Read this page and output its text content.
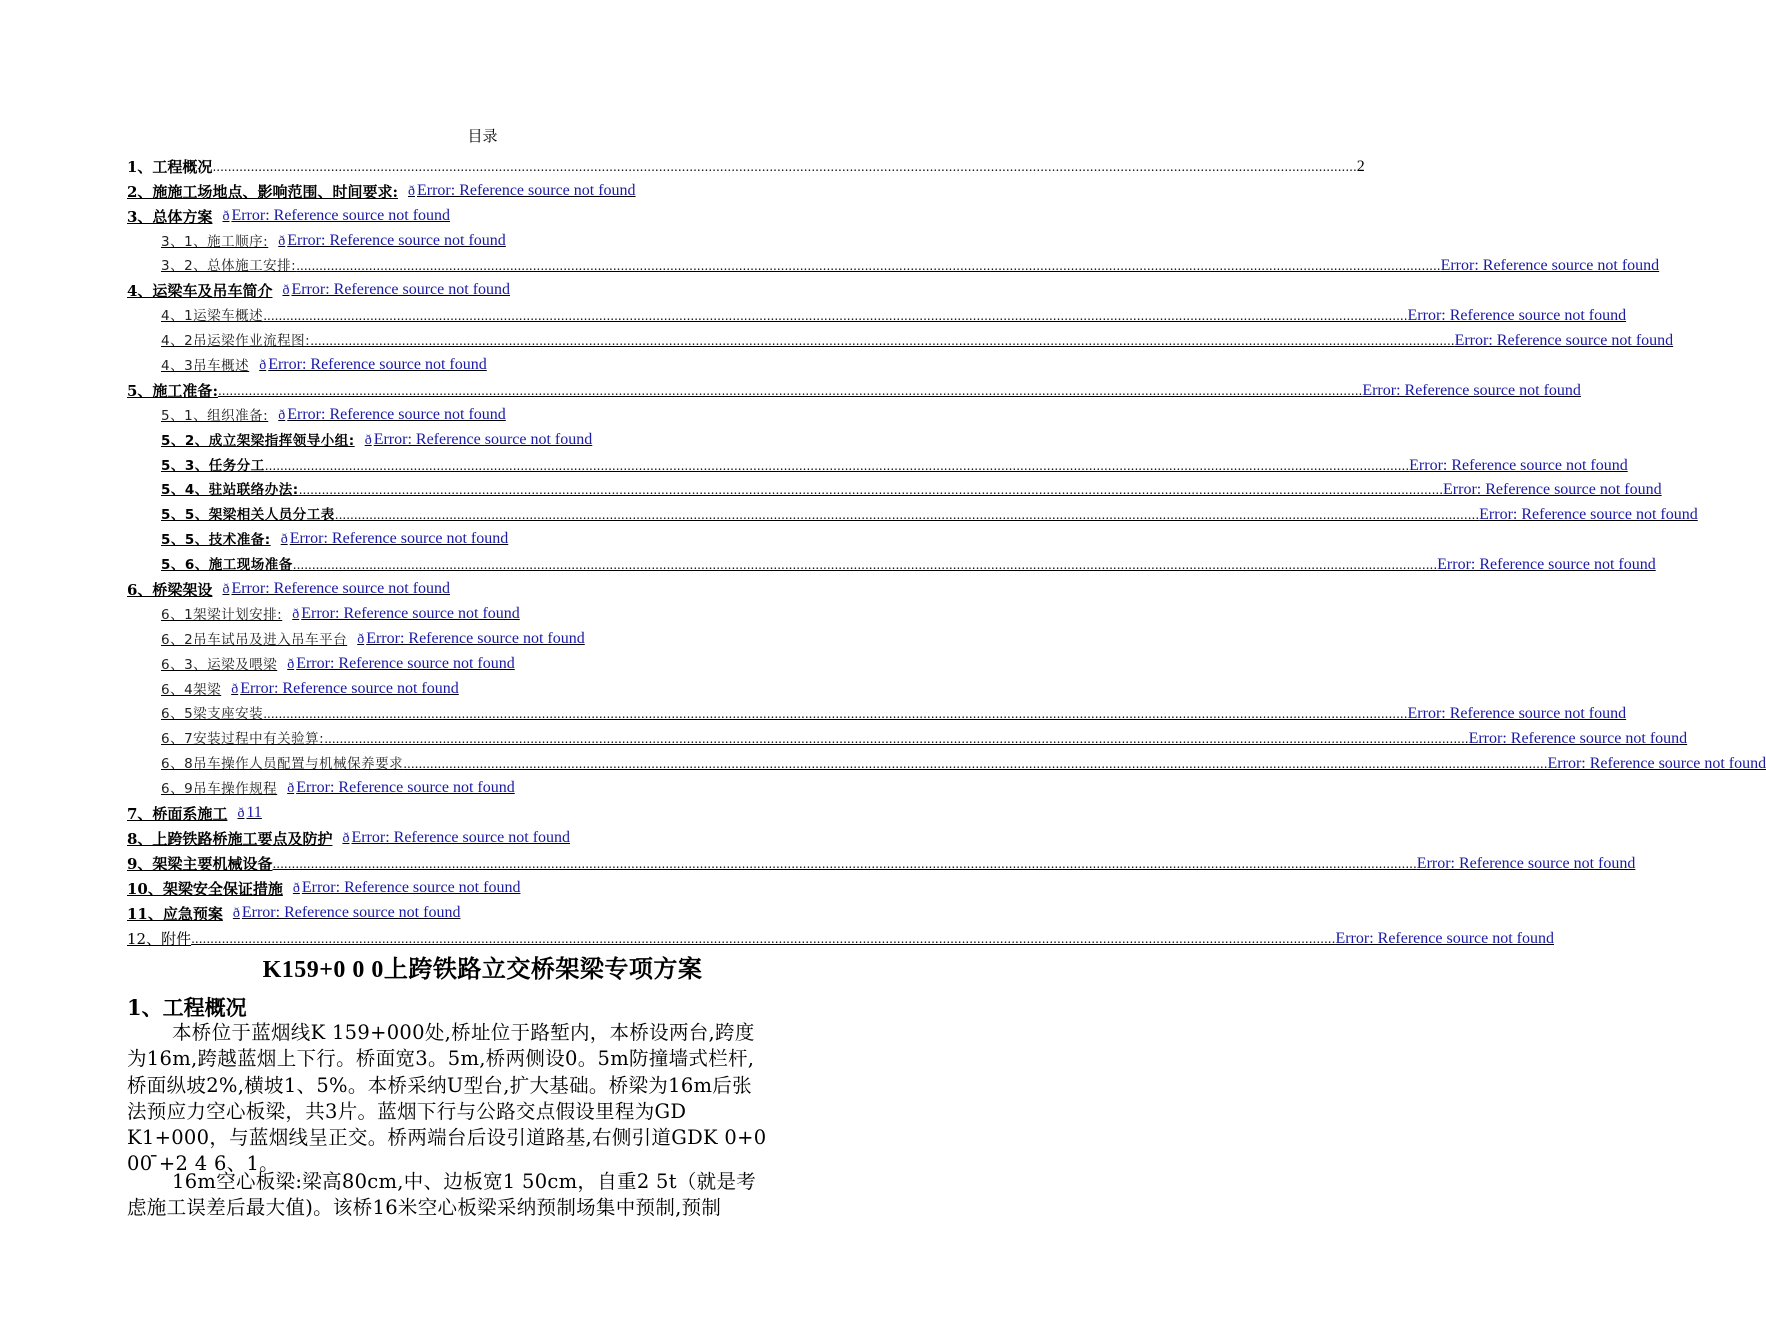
目录
1、工程概况 ............................................................................................................................................................................................................................................................................................................ 2
2、施施工场地点、影响范围、时间要求:	ð Error: Reference source not found
3、总体方案	ð Error: Reference source not found
3、1、施工顺序:	ð Error: Reference source not found
3、2、总体施工安排: ............................................................................................................................................................................................................................................................................................................ Error: Reference source not found
4、运梁车及吊车简介	ð Error: Reference source not found
4、1运梁车概述 ............................................................................................................................................................................................................................................................................................................ Error: Reference source not found
4、2吊运梁作业流程图: ............................................................................................................................................................................................................................................................................................................ Error: Reference source not found
4、3吊车概述	ð Error: Reference source not found
5、施工准备: ............................................................................................................................................................................................................................................................................................................ Error: Reference source not found
5、1、组织准备:	ð Error: Reference source not found
5、2、成立架梁指挥领导小组:	ð Error: Reference source not found
5、3、任务分工 ............................................................................................................................................................................................................................................................................................................ Error: Reference source not found
5、4、驻站联络办法: ............................................................................................................................................................................................................................................................................................................ Error: Reference source not found
5、5、架梁相关人员分工表 ............................................................................................................................................................................................................................................................................................................ Error: Reference source not found
5、5、技术准备:	ð Error: Reference source not found
5、6、施工现场准备 ............................................................................................................................................................................................................................................................................................................ Error: Reference source not found
6、桥梁架设	ð Error: Reference source not found
6、1架梁计划安排:	ð Error: Reference source not found
6、2吊车试吊及进入吊车平台	ð Error: Reference source not found
6、3、运梁及喂梁	ð Error: Reference source not found
6、4架梁	ð Error: Reference source not found
6、5梁支座安装 ............................................................................................................................................................................................................................................................................................................ Error: Reference source not found
6、7安装过程中有关验算: ............................................................................................................................................................................................................................................................................................................ Error: Reference source not found
6、8吊车操作人员配置与机械保养要求 ............................................................................................................................................................................................................................................................................................................ Error: Reference source not found
6、9吊车操作规程	ð Error: Reference source not found
7、桥面系施工	ð 11
8、上跨铁路桥施工要点及防护	ð Error: Reference source not found
9、架梁主要机械设备 ............................................................................................................................................................................................................................................................................................................ Error: Reference source not found
10、架梁安全保证措施	ð Error: Reference source not found
11、应急预案	ð Error: Reference source not found
12、附件 ............................................................................................................................................................................................................................................................................................................ Error: Reference source not found
K159+0 0 0上跨铁路立交桥架梁专项方案
1、工程概况
本桥位于蓝烟线K 159+000处,桥址位于路堑内，本桥设两台,跨度
为16m,跨越蓝烟上下行。桥面宽3。5m,桥两侧设0。5m防撞墙式栏杆,
桥面纵坡2%,横坡1、5%。本桥采纳U型台,扩大基础。桥梁为16m后张
法预应力空心板梁，共3片。蓝烟下行与公路交点假设里程为GD
K1+000，与蓝烟线呈正交。桥两端台后设引道路基,右侧引道GDK 0+0
00 ̄+2 4 6、1。
16m空心板梁:梁高80cm,中、边板宽1 50cm，自重2 5t（就是考
虑施工误差后最大值)。该桥16米空心板梁采纳预制场集中预制,预制
